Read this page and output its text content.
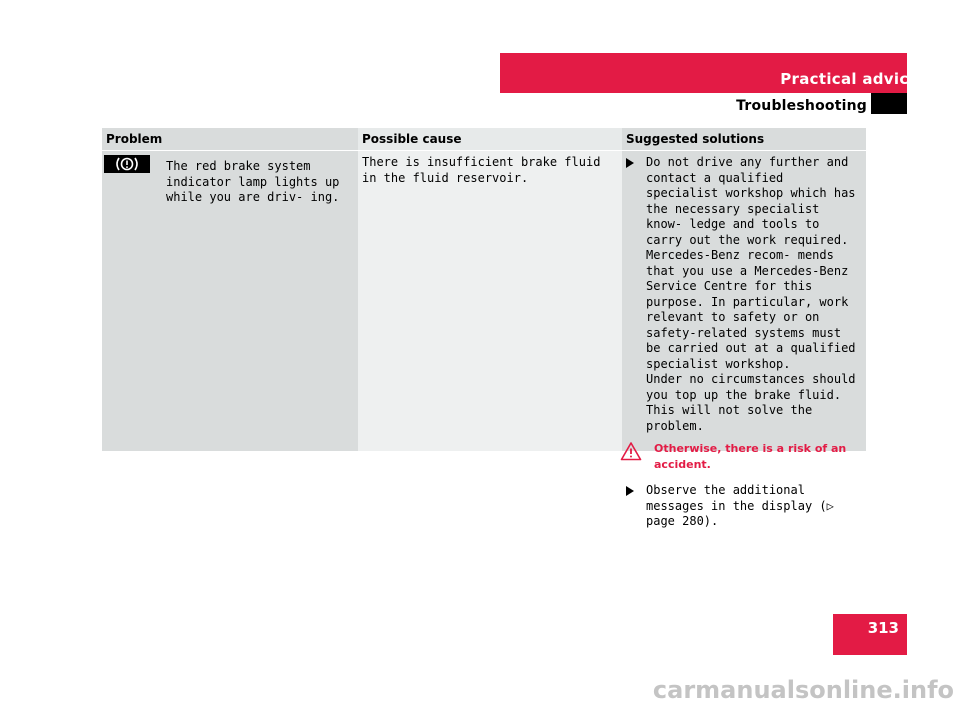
Practical advice
Troubleshooting
Problem	Possible cause	Suggested solutions
The red brake system indicator lamp lights up while you are driv- ing.
There is insufficient brake fluid in the fluid reservoir.
Do not drive any further and contact a qualified specialist workshop which has the necessary specialist know- ledge and tools to carry out the work required. Mercedes-Benz recom- mends that you use a Mercedes-Benz Service Centre for this purpose. In particular, work relevant to safety or on safety-related systems must be carried out at a qualified specialist workshop.
Under no circumstances should you top up the brake fluid. This will not solve the problem.
Otherwise, there is a risk of an accident.
Observe the additional messages in the display (▷ page 280).
313
carmanualsonline.info
